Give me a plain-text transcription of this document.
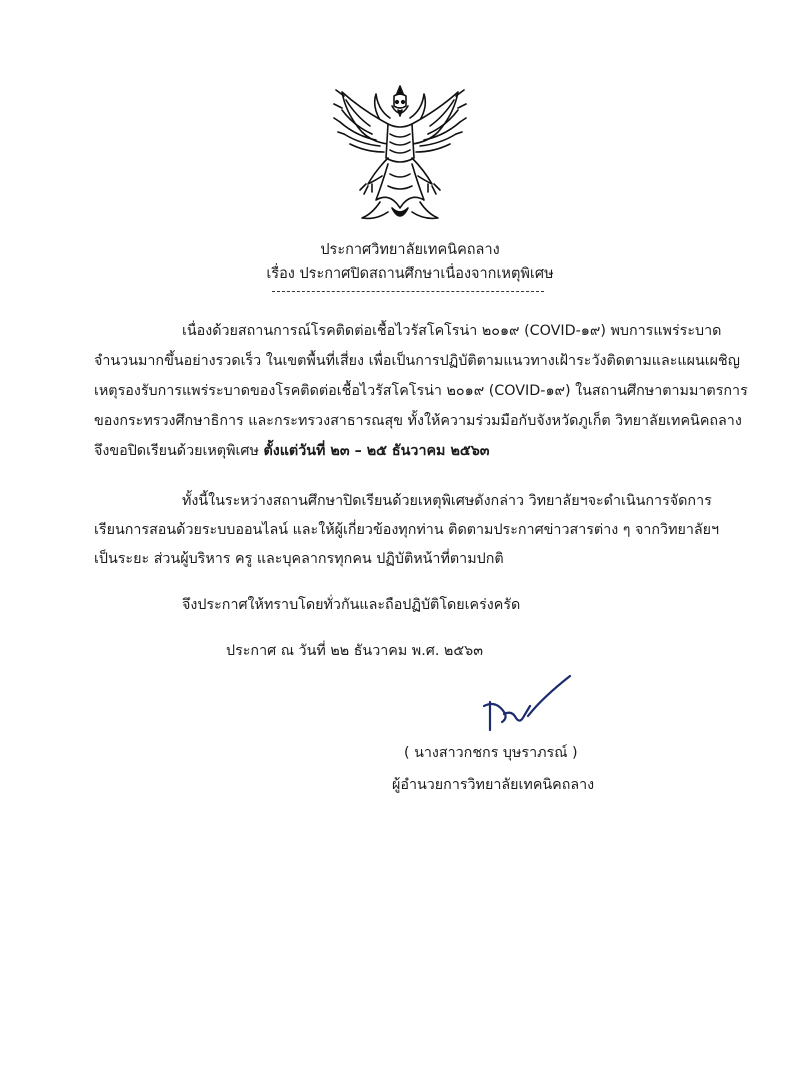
ประกาศวิทยาลัยเทคนิคถลาง
เรื่อง ประกาศปิดสถานศึกษาเนื่องจากเหตุพิเศษ
เนื่องด้วยสถานการณ์โรคติดต่อเชื้อไวรัสโคโรน่า ๒๐๑๙ (COVID-๑๙) พบการแพร่ระบาด
จำนวนมากขึ้นอย่างรวดเร็ว ในเขตพื้นที่เสี่ยง เพื่อเป็นการปฏิบัติตามแนวทางเฝ้าระวังติดตามและแผนเผชิญ
เหตุรองรับการแพร่ระบาดของโรคติดต่อเชื้อไวรัสโคโรน่า ๒๐๑๙ (COVID-๑๙) ในสถานศึกษาตามมาตรการ
ของกระทรวงศึกษาธิการ และกระทรวงสาธารณสุข ทั้งให้ความร่วมมือกับจังหวัดภูเก็ต วิทยาลัยเทคนิคถลาง
จึงขอปิดเรียนด้วยเหตุพิเศษ ตั้งแต่วันที่ ๒๓ – ๒๕ ธันวาคม ๒๕๖๓
ทั้งนี้ในระหว่างสถานศึกษาปิดเรียนด้วยเหตุพิเศษดังกล่าว วิทยาลัยฯจะดำเนินการจัดการ
เรียนการสอนด้วยระบบออนไลน์ และให้ผู้เกี่ยวข้องทุกท่าน ติดตามประกาศข่าวสารต่าง ๆ จากวิทยาลัยฯ
เป็นระยะ ส่วนผู้บริหาร ครู และบุคลากรทุกคน ปฏิบัติหน้าที่ตามปกติ
จึงประกาศให้ทราบโดยทั่วกันและถือปฏิบัติโดยเคร่งครัด
ประกาศ ณ วันที่ ๒๒ ธันวาคม พ.ศ. ๒๕๖๓
( นางสาวกชกร บุษราภรณ์ )
ผู้อำนวยการวิทยาลัยเทคนิคถลาง
